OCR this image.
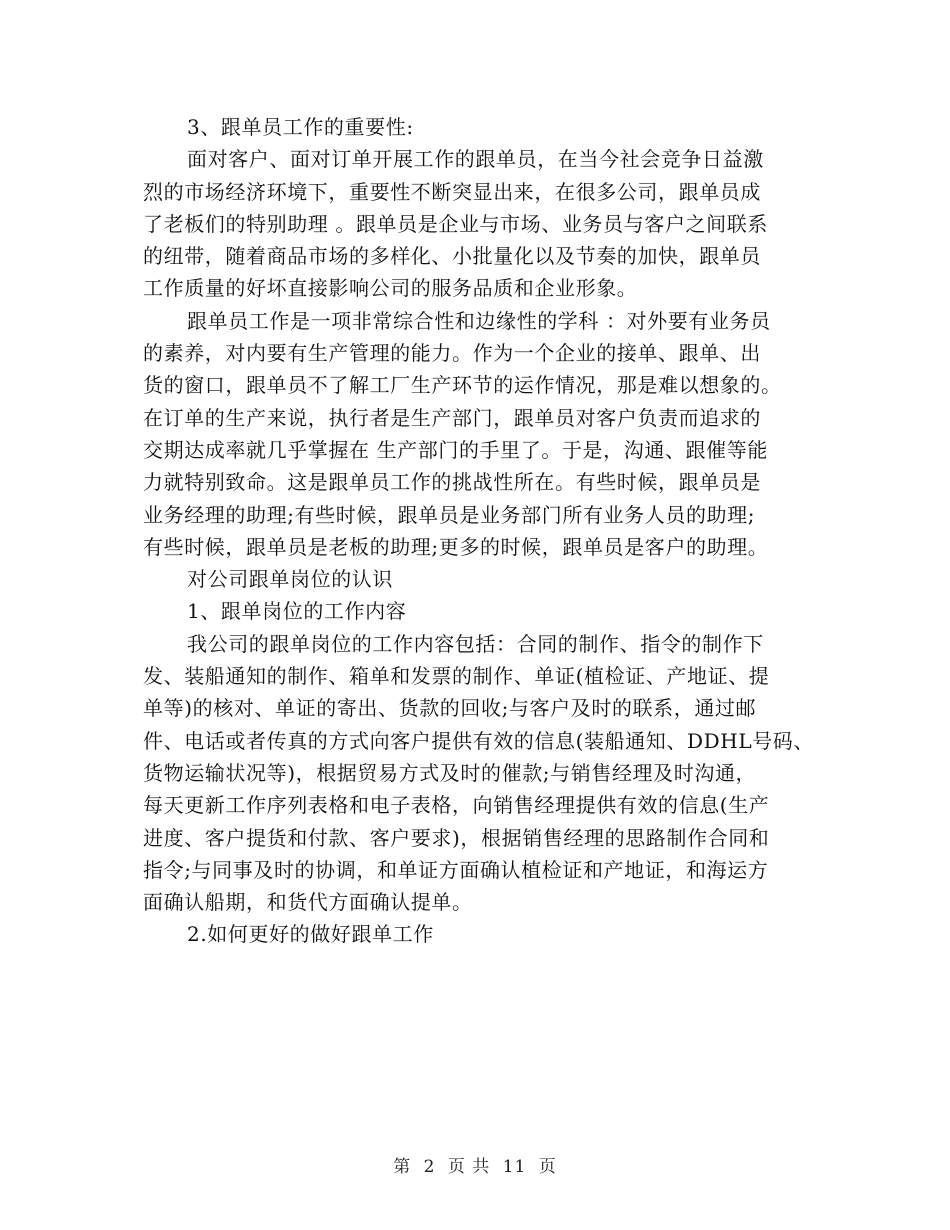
3、跟单员工作的重要性:
面对客户、面对订单开展工作的跟单员，在当今社会竞争日益激
烈的市场经济环境下，重要性不断突显出来，在很多公司，跟单员成
了老板们的特别助理 。跟单员是企业与市场、业务员与客户之间联系
的纽带，随着商品市场的多样化、小批量化以及节奏的加快，跟单员
工作质量的好坏直接影响公司的服务品质和企业形象。
跟单员工作是一项非常综合性和边缘性的学科 ：对外要有业务员
的素养，对内要有生产管理的能力。作为一个企业的接单、跟单、出
货的窗口，跟单员不了解工厂生产环节的运作情况，那是难以想象的。
在订单的生产来说，执行者是生产部门，跟单员对客户负责而追求的
交期达成率就几乎掌握在 生产部门的手里了。于是，沟通、跟催等能
力就特别致命。这是跟单员工作的挑战性所在。有些时候，跟单员是
业务经理的助理;有些时候，跟单员是业务部门所有业务人员的助理;
有些时候，跟单员是老板的助理;更多的时候，跟单员是客户的助理。
对公司跟单岗位的认识
1、跟单岗位的工作内容
我公司的跟单岗位的工作内容包括：合同的制作、指令的制作下
发、装船通知的制作、箱单和发票的制作、单证(植检证、产地证、提
单等)的核对、单证的寄出、货款的回收;与客户及时的联系，通过邮
件、电话或者传真的方式向客户提供有效的信息(装船通知、DDHL号码、
货物运输状况等)，根据贸易方式及时的催款;与销售经理及时沟通，
每天更新工作序列表格和电子表格，向销售经理提供有效的信息(生产
进度、客户提货和付款、客户要求)，根据销售经理的思路制作合同和
指令;与同事及时的协调，和单证方面确认植检证和产地证，和海运方
面确认船期，和货代方面确认提单。
2.如何更好的做好跟单工作
第 2 页 共 11 页
